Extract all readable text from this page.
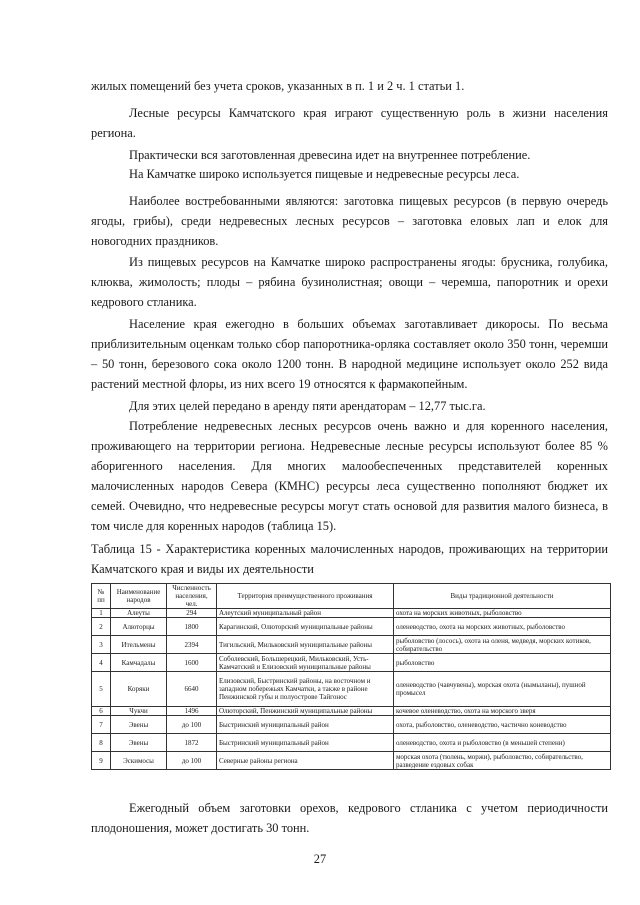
жилых помещений без учета сроков, указанных в п. 1 и 2 ч. 1 статьи 1.

Лесные ресурсы Камчатского края играют существенную роль в жизни населения региона.

Практически вся заготовленная древесина идет на внутреннее потребление.

На Камчатке широко используется пищевые и недревесные ресурсы леса.

Наиболее востребованными являются: заготовка пищевых ресурсов (в первую очередь ягоды, грибы), среди недревесных лесных ресурсов – заготовка еловых лап и елок для новогодних праздников.

Из пищевых ресурсов на Камчатке широко распространены ягоды: брусника, голубика, клюква, жимолость; плоды – рябина бузинолистная; овощи – черемша, папоротник и орехи кедрового стланика.

Население края ежегодно в больших объемах заготавливает дикоросы. По весьма приблизительным оценкам только сбор папоротника-орляка составляет около 350 тонн, черемши – 50 тонн, березового сока около 1200 тонн. В народной медицине использует около 252 вида растений местной флоры, из них всего 19 относятся к фармакопейным.

Для этих целей передано в аренду пяти арендаторам – 12,77 тыс.га.

Потребление недревесных лесных ресурсов очень важно и для коренного населения, проживающего на территории региона. Недревесные лесные ресурсы используют более 85 % аборигенного населения. Для многих малообеспеченных представителей коренных малочисленных народов Севера (КМНС) ресурсы леса существенно пополняют бюджет их семей. Очевидно, что недревесные ресурсы могут стать основой для развития малого бизнеса, в том числе для коренных народов (таблица 15).

Таблица 15 - Характеристика коренных малочисленных народов, проживающих на территории Камчатского края и виды их деятельности

№ пп	Наименование народов	Численность населения, чел.	Территория преимущественного проживания	Виды традиционной деятельности
1	Алеуты	294	Алеутский муниципальный район	охота на морских животных, рыболовство
2	Алюторцы	1800	Карагинский, Олюторский муниципальные районы	оленеводство, охота на морских животных, рыболовство
3	Ительмены	2394	Тигильский, Мильковский муниципальные районы	рыболовство (лосось), охота на оленя, медведя, морских котиков, собирательство
4	Камчадалы	1600	Соболевский, Большерецкий, Мильковский, Усть-Камчатский и Елизовский муниципальные районы	рыболовство
5	Коряки	6640	Елизовский, Быстринский районы, на восточном и западном побережьях Камчатки, а также в районе Пенжинской губы и полуострове Тайгонос	оленеводство (чавчувены), морская охота (нымыланы), пушной промысел
6	Чукчи	1496	Олюторский, Пенжинский муниципальные районы	кочевое оленеводство, охота на морского зверя
7	Эвены	до 100	Быстринский муниципальный район	охота, рыболовство, оленеводство, частично коневодство
8	Эвены	1872	Быстринский муниципальный район	оленеводство, охота и рыболовство (в меньшей степени)
9	Эскимосы	до 100	Северные районы региона	морская охота (тюлень, моржи), рыболовство, собирательство, разведение ездовых собак

Ежегодный объем заготовки орехов, кедрового стланика с учетом периодичности плодоношения, может достигать 30 тонн.

27
